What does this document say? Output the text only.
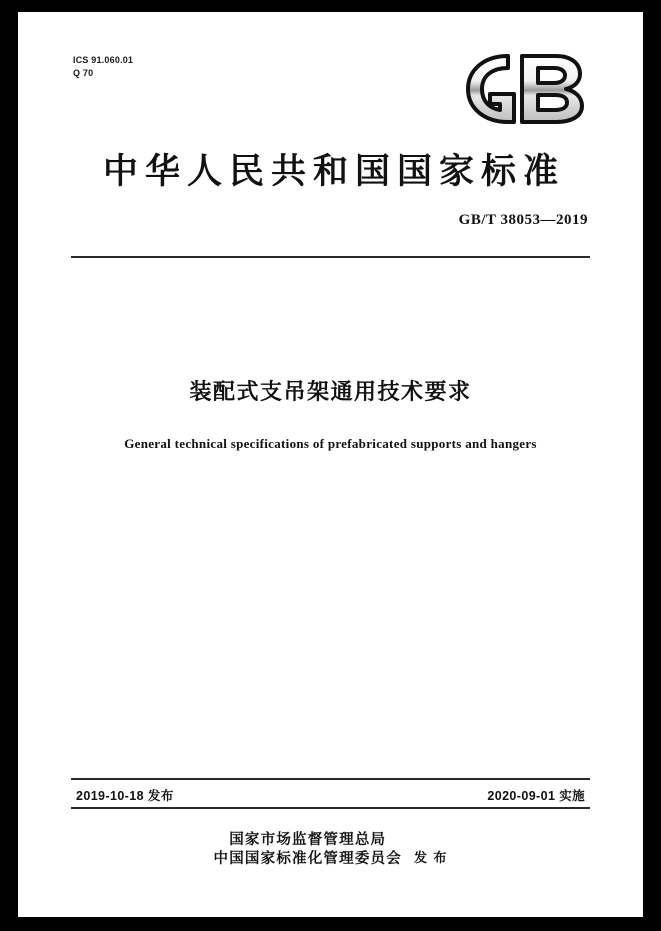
ICS 91.060.01
Q 70
中华人民共和国国家标准
GB/T 38053—2019
装配式支吊架通用技术要求
General technical specifications of prefabricated supports and hangers
2019-10-18 发布	2020-09-01 实施
国家市场监督管理总局
中国国家标准化管理委员会 发 布
